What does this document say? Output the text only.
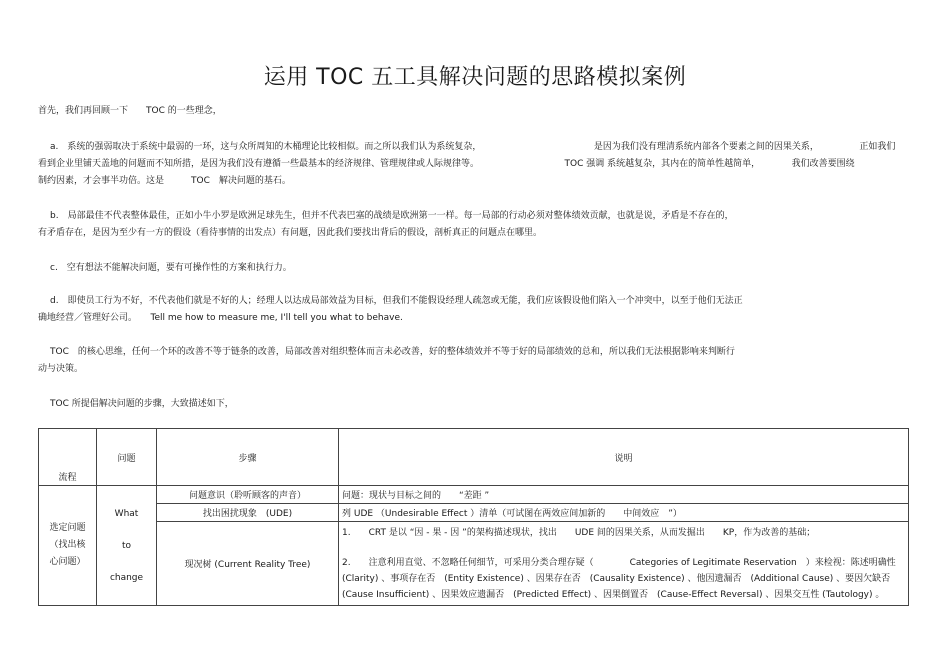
运用 TOC 五工具解决问题的思路模拟案例
首先，我们再回顾一下　　TOC 的一些理念，
a.　系统的强弱取决于系统中最弱的一环，这与众所周知的木桶理论比较相似。而之所以我们认为系统复杂，　　　　　　　　　　　　　是因为我们没有理清系统内部各个要素之间的因果关系，　　　　　正如我们
看到企业里铺天盖地的问题而不知所措，是因为我们没有遵循一些最基本的经济规律、管理规律或人际规律等。　　　　　　　　　　TOC 强调 系统越复杂，其内在的简单性越简单，　　　　我们改善要围绕
制约因素，才会事半功倍。这是　　　TOC　解决问题的基石。
b.　局部最佳不代表整体最佳，正如小牛小罗是欧洲足球先生，但并不代表巴塞的战绩是欧洲第一一样。每一局部的行动必须对整体绩效贡献，也就是说，矛盾是不存在的，
有矛盾存在，是因为至少有一方的假设（看待事情的出发点）有问题，因此我们要找出背后的假设，剖析真正的问题点在哪里。
c.　空有想法不能解决问题，要有可操作性的方案和执行力。
d.　即使员工行为不好，不代表他们就是不好的人；经理人以达成局部效益为目标，但我们不能假设经理人疏忽或无能，我们应该假设他们陷入一个冲突中，以至于他们无法正
确地经营／管理好公司。　　Tell me how to measure me, I'll tell you what to behave.
TOC　的核心思维，任何一个环的改善不等于链条的改善，局部改善对组织整体而言未必改善，好的整体绩效并不等于好的局部绩效的总和，所以我们无法根据影响来判断行
动与决策。
TOC 所提倡解决问题的步骤，大致描述如下，
流程	问题	步骤	说明
选定问题
（找出核
心问题）	What

to

change	问题意识（聆听顾客的声音）	问题：现状与目标之间的　　“差距 ”
		找出困扰现象　(UDE)	列 UDE （Undesirable Effect ）清单（可试图在两效应间加新的　　中间效应　”）
		现况树 (Current Reality Tree)	1.　　CRT 是以 “因 - 果 - 因 ”的架构描述现状，找出　　UDE 间的因果关系，从而发掘出　　KP，作为改善的基础；
2.　　注意利用直觉、不忽略任何细节，可采用分类合理存疑（　　　　Categories of Legitimate Reservation　）来检视：陈述明确性 (Clarity) 、事项存在否　(Entity Existence) 、因果存在否　(Causality Existence) 、他因遗漏否　(Additional Cause) 、要因欠缺否　(Cause Insufficient) 、因果效应遗漏否　(Predicted Effect) 、因果倒置否　(Cause-Effect Reversal) 、因果交互性 (Tautology) 。
